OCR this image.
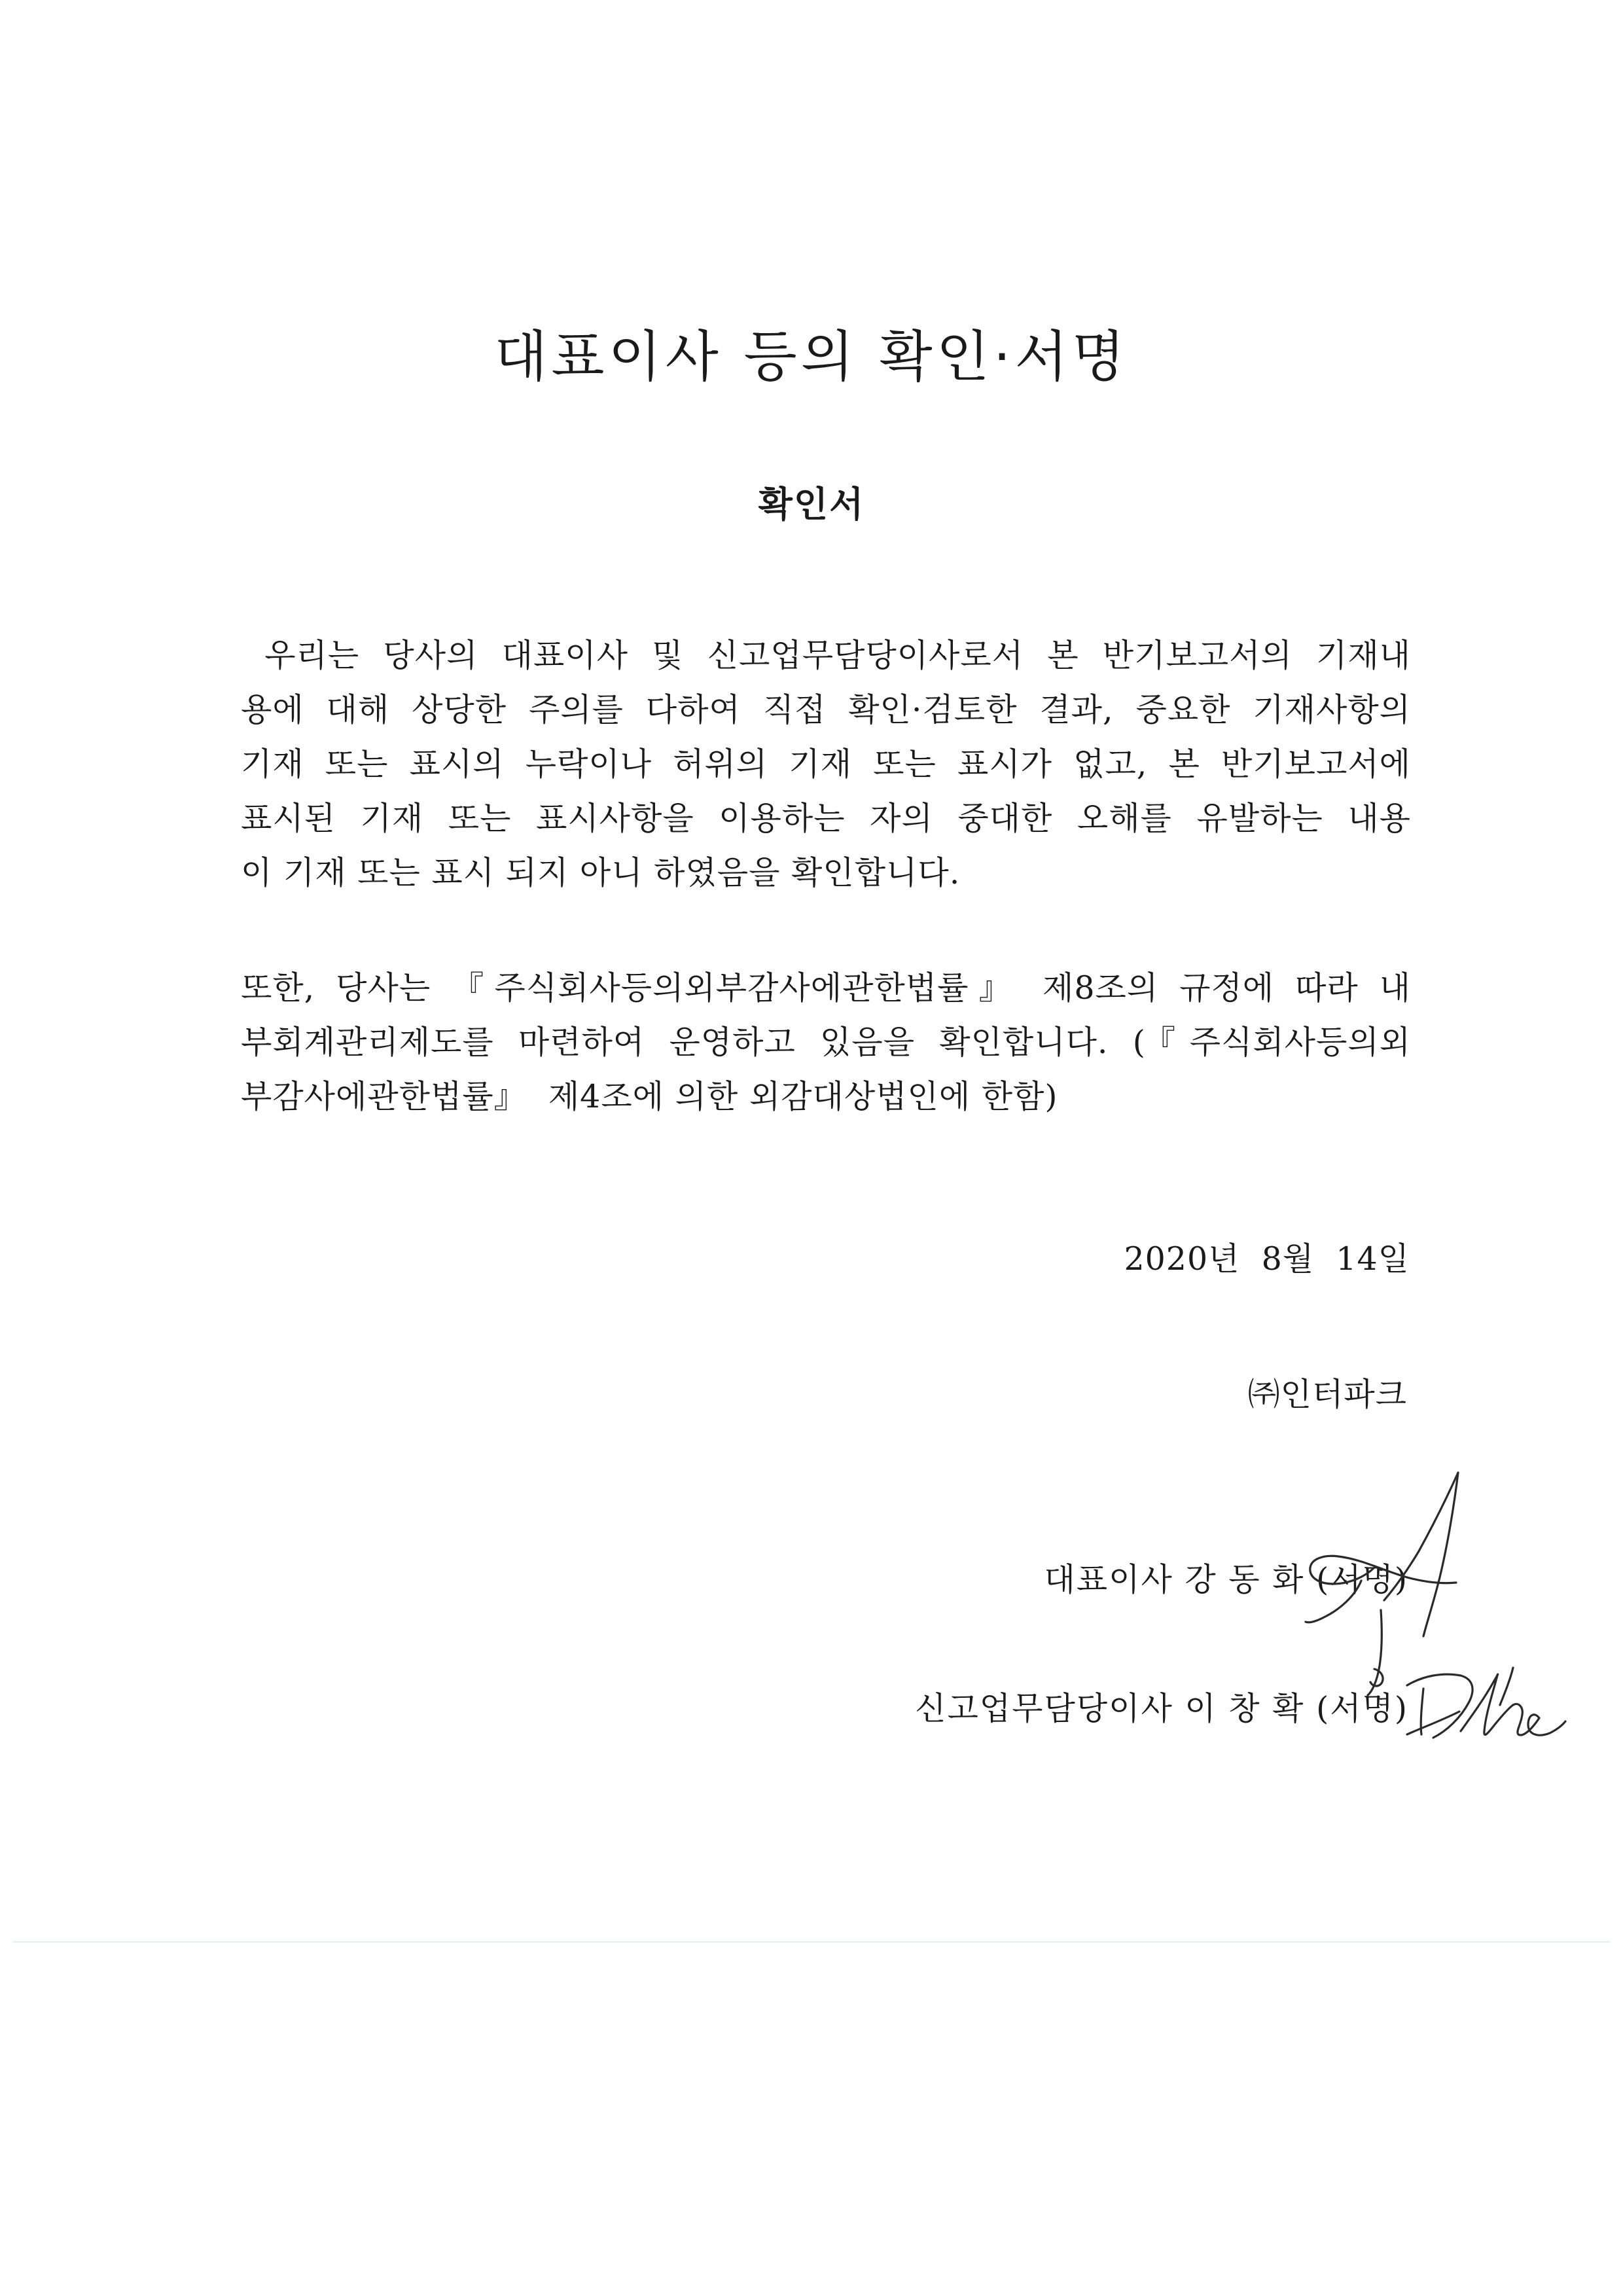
대표이사 등의 확인·서명
확인서
우리는 당사의 대표이사 및 신고업무담당이사로서 본 반기보고서의 기재내
용에 대해 상당한 주의를 다하여 직접 확인·검토한 결과, 중요한 기재사항의
기재 또는 표시의 누락이나 허위의 기재 또는 표시가 없고, 본 반기보고서에
표시된 기재 또는 표시사항을 이용하는 자의 중대한 오해를 유발하는 내용
이 기재 또는 표시 되지 아니 하였음을 확인합니다.
또한, 당사는 『주식회사등의외부감사에관한법률』 제8조의 규정에 따라 내
부회계관리제도를 마련하여 운영하고 있음을 확인합니다. (『주식회사등의외
부감사에관한법률』  제4조에 의한 외감대상법인에 한함)
2020년  8월  14일
㈜인터파크
대표이사 강 동 화 (서명)
신고업무담당이사 이 창 확 (서명)
